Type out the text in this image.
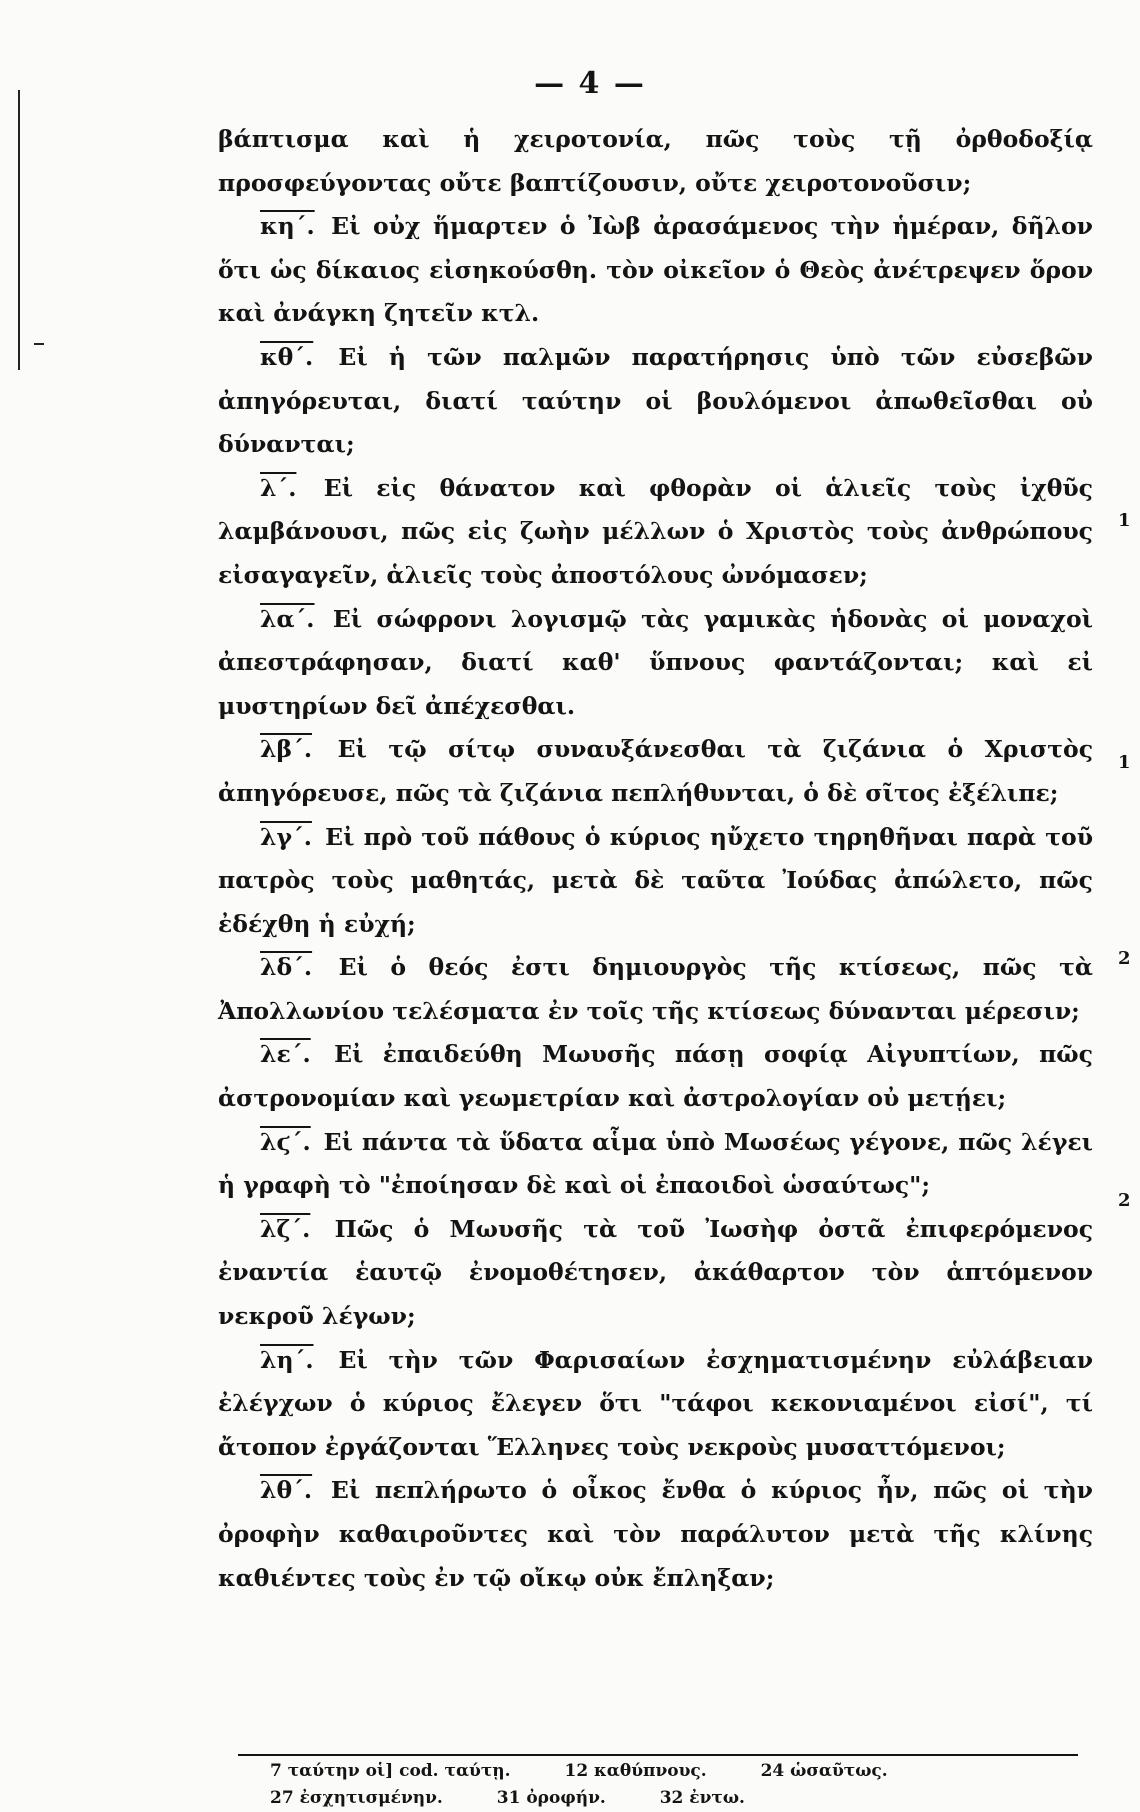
— 4 —

βάπτισμα καὶ ἡ χειροτονία, πῶς τοὺς τῇ ὀρθοδοξίᾳ προσφεύγοντας οὔτε βαπτίζουσιν, οὔτε χειροτονοῦσιν;

κη΄. Εἰ οὐχ ἥμαρτεν ὁ Ἰὼβ ἀρασάμενος τὴν ἡμέραν, δῆλον ὅτι ὡς δίκαιος εἰσηκούσθη. τὸν οἰκεῖον ὁ Θεὸς ἀνέτρεψεν ὅρον καὶ ἀνάγκη ζητεῖν κτλ.

κθ΄. Εἰ ἡ τῶν παλμῶν παρατήρησις ὑπὸ τῶν εὐσεβῶν ἀπηγόρευται, διατί ταύτην οἱ βουλόμενοι ἀπωθεῖσθαι οὐ δύνανται;

λ΄. Εἰ εἰς θάνατον καὶ φθορὰν οἱ ἁλιεῖς τοὺς ἰχθῦς λαμβάνουσι, πῶς εἰς ζωὴν μέλλων ὁ Χριστὸς τοὺς ἀνθρώπους εἰσαγαγεῖν, ἁλιεῖς τοὺς ἀποστόλους ὠνόμασεν;

λα΄. Εἰ σώφρονι λογισμῷ τὰς γαμικὰς ἡδονὰς οἱ μοναχοὶ ἀπεστράφησαν, διατί καθ' ὕπνους φαντάζονται; καὶ εἰ μυστηρίων δεῖ ἀπέχεσθαι.

λβ΄. Εἰ τῷ σίτῳ συναυξάνεσθαι τὰ ζιζάνια ὁ Χριστὸς ἀπηγόρευσε, πῶς τὰ ζιζάνια πεπλήθυνται, ὁ δὲ σῖτος ἐξέλιπε;

λγ΄. Εἰ πρὸ τοῦ πάθους ὁ κύριος ηὔχετο τηρηθῆναι παρὰ τοῦ πατρὸς τοὺς μαθητάς, μετὰ δὲ ταῦτα Ἰούδας ἀπώλετο, πῶς ἐδέχθη ἡ εὐχή;

λδ΄. Εἰ ὁ θεός ἐστι δημιουργὸς τῆς κτίσεως, πῶς τὰ Ἀπολλωνίου τελέσματα ἐν τοῖς τῆς κτίσεως δύνανται μέρεσιν;

λε΄. Εἰ ἐπαιδεύθη Μωυσῆς πάσῃ σοφίᾳ Αἰγυπτίων, πῶς ἀστρονομίαν καὶ γεωμετρίαν καὶ ἀστρολογίαν οὐ μετῄει;

λϛ΄. Εἰ πάντα τὰ ὕδατα αἷμα ὑπὸ Μωσέως γέγονε, πῶς λέγει ἡ γραφὴ τὸ "ἐποίησαν δὲ καὶ οἱ ἐπαοιδοὶ ὡσαύτως";

λζ΄. Πῶς ὁ Μωυσῆς τὰ τοῦ Ἰωσὴφ ὀστᾶ ἐπιφερόμενος ἐναντία ἑαυτῷ ἐνομοθέτησεν, ἀκάθαρτον τὸν ἁπτόμενον νεκροῦ λέγων;

λη΄. Εἰ τὴν τῶν Φαρισαίων ἐσχηματισμένην εὐλάβειαν ἐλέγχων ὁ κύριος ἔλεγεν ὅτι "τάφοι κεκονιαμένοι εἰσί", τί ἄτοπον ἐργάζονται Ἕλληνες τοὺς νεκροὺς μυσαττόμενοι;

λθ΄. Εἰ πεπλήρωτο ὁ οἶκος ἔνθα ὁ κύριος ἦν, πῶς οἱ τὴν ὀροφὴν καθαιροῦντες καὶ τὸν παράλυτον μετὰ τῆς κλίνης καθιέντες τοὺς ἐν τῷ οἴκῳ οὐκ ἔπληξαν;

1
1
2
2
7 ταύτην οἱ] cod. ταύτῃ.	12 καθύπνους.	24 ὡσαῦτως. 27 ἐσχητισμένην.	31 ὀροφήν.	32 ἐντω.
